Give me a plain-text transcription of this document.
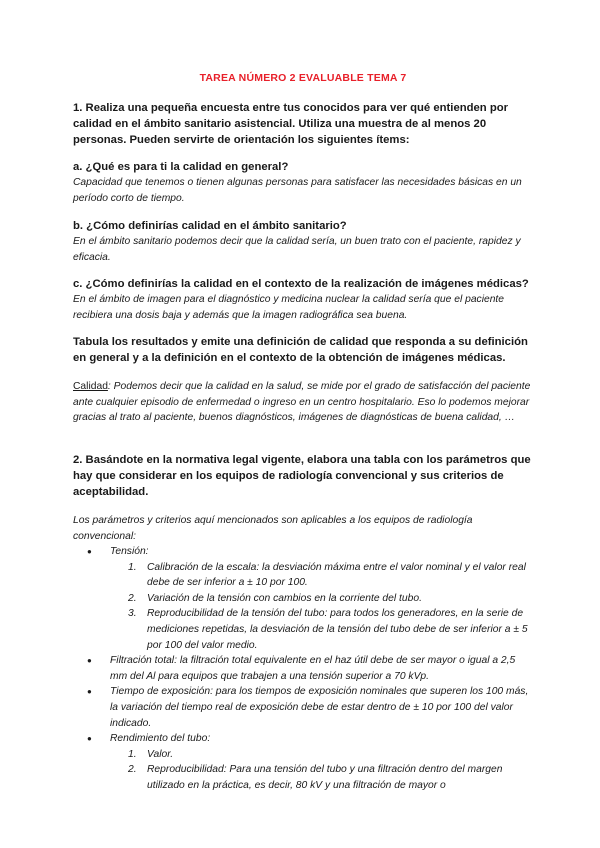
TAREA NÚMERO 2 EVALUABLE TEMA 7

1. Realiza una pequeña encuesta entre tus conocidos para ver qué entienden por calidad en el ámbito sanitario asistencial. Utiliza una muestra de al menos 20 personas. Pueden servirte de orientación los siguientes ítems:

a. ¿Qué es para ti la calidad en general?

Capacidad que tenemos o tienen algunas personas para satisfacer las necesidades básicas en un período corto de tiempo.

b. ¿Cómo definirías calidad en el ámbito sanitario?

En el ámbito sanitario podemos decir que la calidad sería, un buen trato con el paciente, rapidez y eficacia.

c. ¿Cómo definirías la calidad en el contexto de la realización de imágenes médicas?

En el ámbito de imagen para el diagnóstico y medicina nuclear la calidad sería que el paciente recibiera una dosis baja y además que la imagen radiográfica sea buena.

Tabula los resultados y emite una definición de calidad que responda a su definición en general y a la definición en el contexto de la obtención de imágenes médicas.

Calidad: Podemos decir que la calidad en la salud, se mide por el grado de satisfacción del paciente ante cualquier episodio de enfermedad o ingreso en un centro hospitalario. Eso lo podemos mejorar gracias al trato al paciente, buenos diagnósticos, imágenes de diagnósticas de buena calidad, …

2. Basándote en la normativa legal vigente, elabora una tabla con los parámetros que hay que considerar en los equipos de radiología convencional y sus criterios de aceptabilidad.

Los parámetros y criterios aquí mencionados son aplicables a los equipos de radiología convencional:

● Tensión:
1. Calibración de la escala: la desviación máxima entre el valor nominal y el valor real debe de ser inferior a ± 10 por 100.
2. Variación de la tensión con cambios en la corriente del tubo.
3. Reproducibilidad de la tensión del tubo: para todos los generadores, en la serie de mediciones repetidas, la desviación de la tensión del tubo debe de ser inferior a ± 5 por 100 del valor medio.
● Filtración total: la filtración total equivalente en el haz útil debe de ser mayor o igual a 2,5 mm del Al para equipos que trabajen a una tensión superior a 70 kVp.
● Tiempo de exposición: para los tiempos de exposición nominales que superen los 100 más, la variación del tiempo real de exposición debe de estar dentro de ± 10 por 100 del valor indicado.
● Rendimiento del tubo:
1. Valor.
2. Reproducibilidad: Para una tensión del tubo y una filtración dentro del margen utilizado en la práctica, es decir, 80 kV y una filtración de mayor o
